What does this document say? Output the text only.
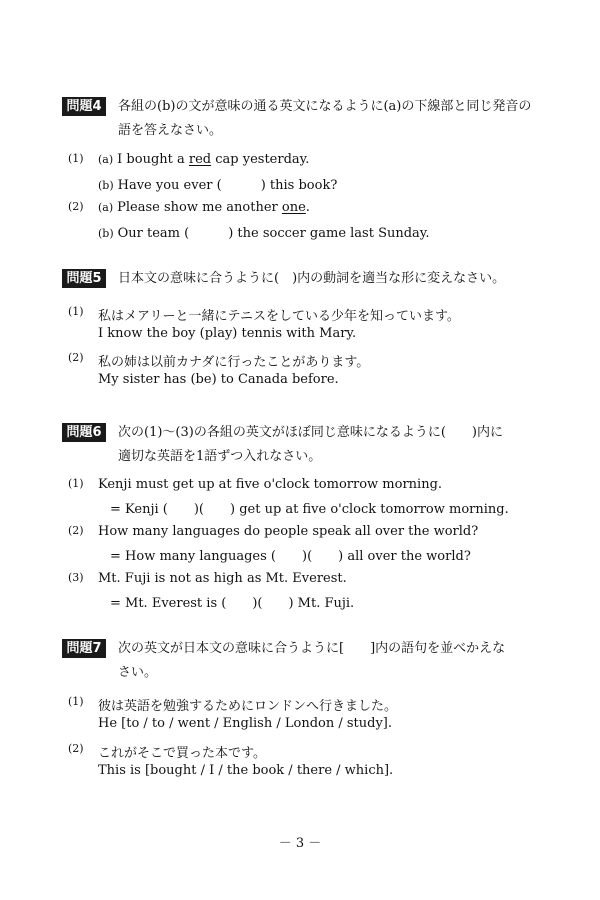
問題4	各組の(b)の文が意味の通る英文になるように(a)の下線部と同じ発音の
語を答えなさい。
(1)	(a) I bought a red cap yesterday.
(b) Have you ever (　　　) this book?
(2)	(a) Please show me another one.
(b) Our team (　　　) the soccer game last Sunday.
問題5	日本文の意味に合うように(　)内の動詞を適当な形に変えなさい。
(1)	私はメアリーと一緒にテニスをしている少年を知っています。
I know the boy (play) tennis with Mary.
(2)	私の姉は以前カナダに行ったことがあります。
My sister has (be) to Canada before.
問題6	次の(1)～(3)の各組の英文がほぼ同じ意味になるように(　　)内に
適切な英語を1語ずつ入れなさい。
(1)	Kenji must get up at five o'clock tomorrow morning.
= Kenji (　　)(　　) get up at five o'clock tomorrow morning.
(2)	How many languages do people speak all over the world?
= How many languages (　　)(　　) all over the world?
(3)	Mt. Fuji is not as high as Mt. Everest.
= Mt. Everest is (　　)(　　) Mt. Fuji.
問題7	次の英文が日本文の意味に合うように[　　]内の語句を並べかえな
さい。
(1)	彼は英語を勉強するためにロンドンへ行きました。
He [to / to / went / English / London / study].
(2)	これがそこで買った本です。
This is [bought / I / the book / there / which].
－ 3 －
